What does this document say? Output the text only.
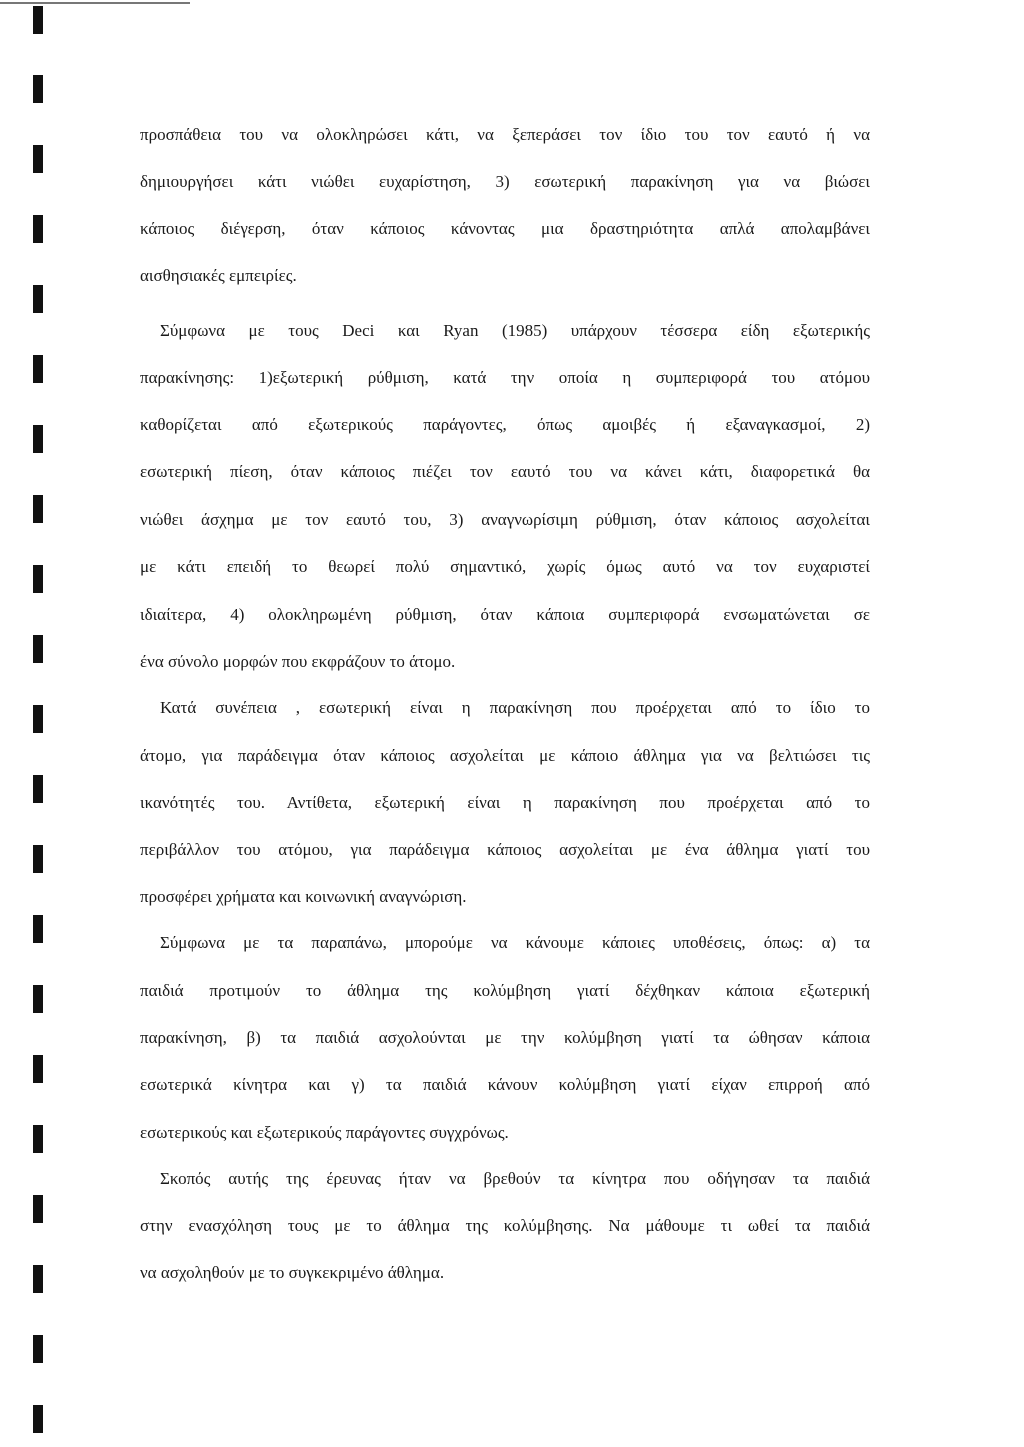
προσπάθεια του να ολοκληρώσει κάτι, να ξεπεράσει τον ίδιο του τον εαυτό ή να
δημιουργήσει κάτι νιώθει ευχαρίστηση, 3) εσωτερική παρακίνηση για να βιώσει
κάποιος διέγερση, όταν κάποιος κάνοντας μια δραστηριότητα απλά απολαμβάνει
αισθησιακές εμπειρίες.
Σύμφωνα με τους Deci και Ryan (1985) υπάρχουν τέσσερα είδη εξωτερικής
παρακίνησης: 1)εξωτερική ρύθμιση, κατά την οποία η συμπεριφορά του ατόμου
καθορίζεται από εξωτερικούς παράγοντες, όπως αμοιβές ή εξαναγκασμοί, 2)
εσωτερική πίεση, όταν κάποιος πιέζει τον εαυτό του να κάνει κάτι, διαφορετικά θα
νιώθει άσχημα με τον εαυτό του, 3) αναγνωρίσιμη ρύθμιση, όταν κάποιος ασχολείται
με κάτι επειδή το θεωρεί πολύ σημαντικό, χωρίς όμως αυτό να τον ευχαριστεί
ιδιαίτερα, 4) ολοκληρωμένη ρύθμιση, όταν κάποια συμπεριφορά ενσωματώνεται σε
ένα σύνολο μορφών που εκφράζουν το άτομο.
Κατά συνέπεια , εσωτερική είναι η παρακίνηση που προέρχεται από το ίδιο το
άτομο, για παράδειγμα όταν κάποιος ασχολείται με κάποιο άθλημα για να βελτιώσει τις
ικανότητές του. Αντίθετα, εξωτερική είναι η παρακίνηση που προέρχεται από το
περιβάλλον του ατόμου, για παράδειγμα κάποιος ασχολείται με ένα άθλημα γιατί του
προσφέρει χρήματα και κοινωνική αναγνώριση.
Σύμφωνα με τα παραπάνω, μπορούμε να κάνουμε κάποιες υποθέσεις, όπως: α) τα
παιδιά προτιμούν το άθλημα της κολύμβηση γιατί δέχθηκαν κάποια εξωτερική
παρακίνηση, β) τα παιδιά ασχολούνται με την κολύμβηση γιατί τα ώθησαν κάποια
εσωτερικά κίνητρα και γ) τα παιδιά κάνουν κολύμβηση γιατί είχαν επιρροή από
εσωτερικούς και εξωτερικούς παράγοντες συγχρόνως.
Σκοπός αυτής της έρευνας ήταν να βρεθούν τα κίνητρα που οδήγησαν τα παιδιά
στην ενασχόληση τους με το άθλημα της κολύμβησης. Να μάθουμε τι ωθεί τα παιδιά
να ασχοληθούν με το συγκεκριμένο άθλημα.
